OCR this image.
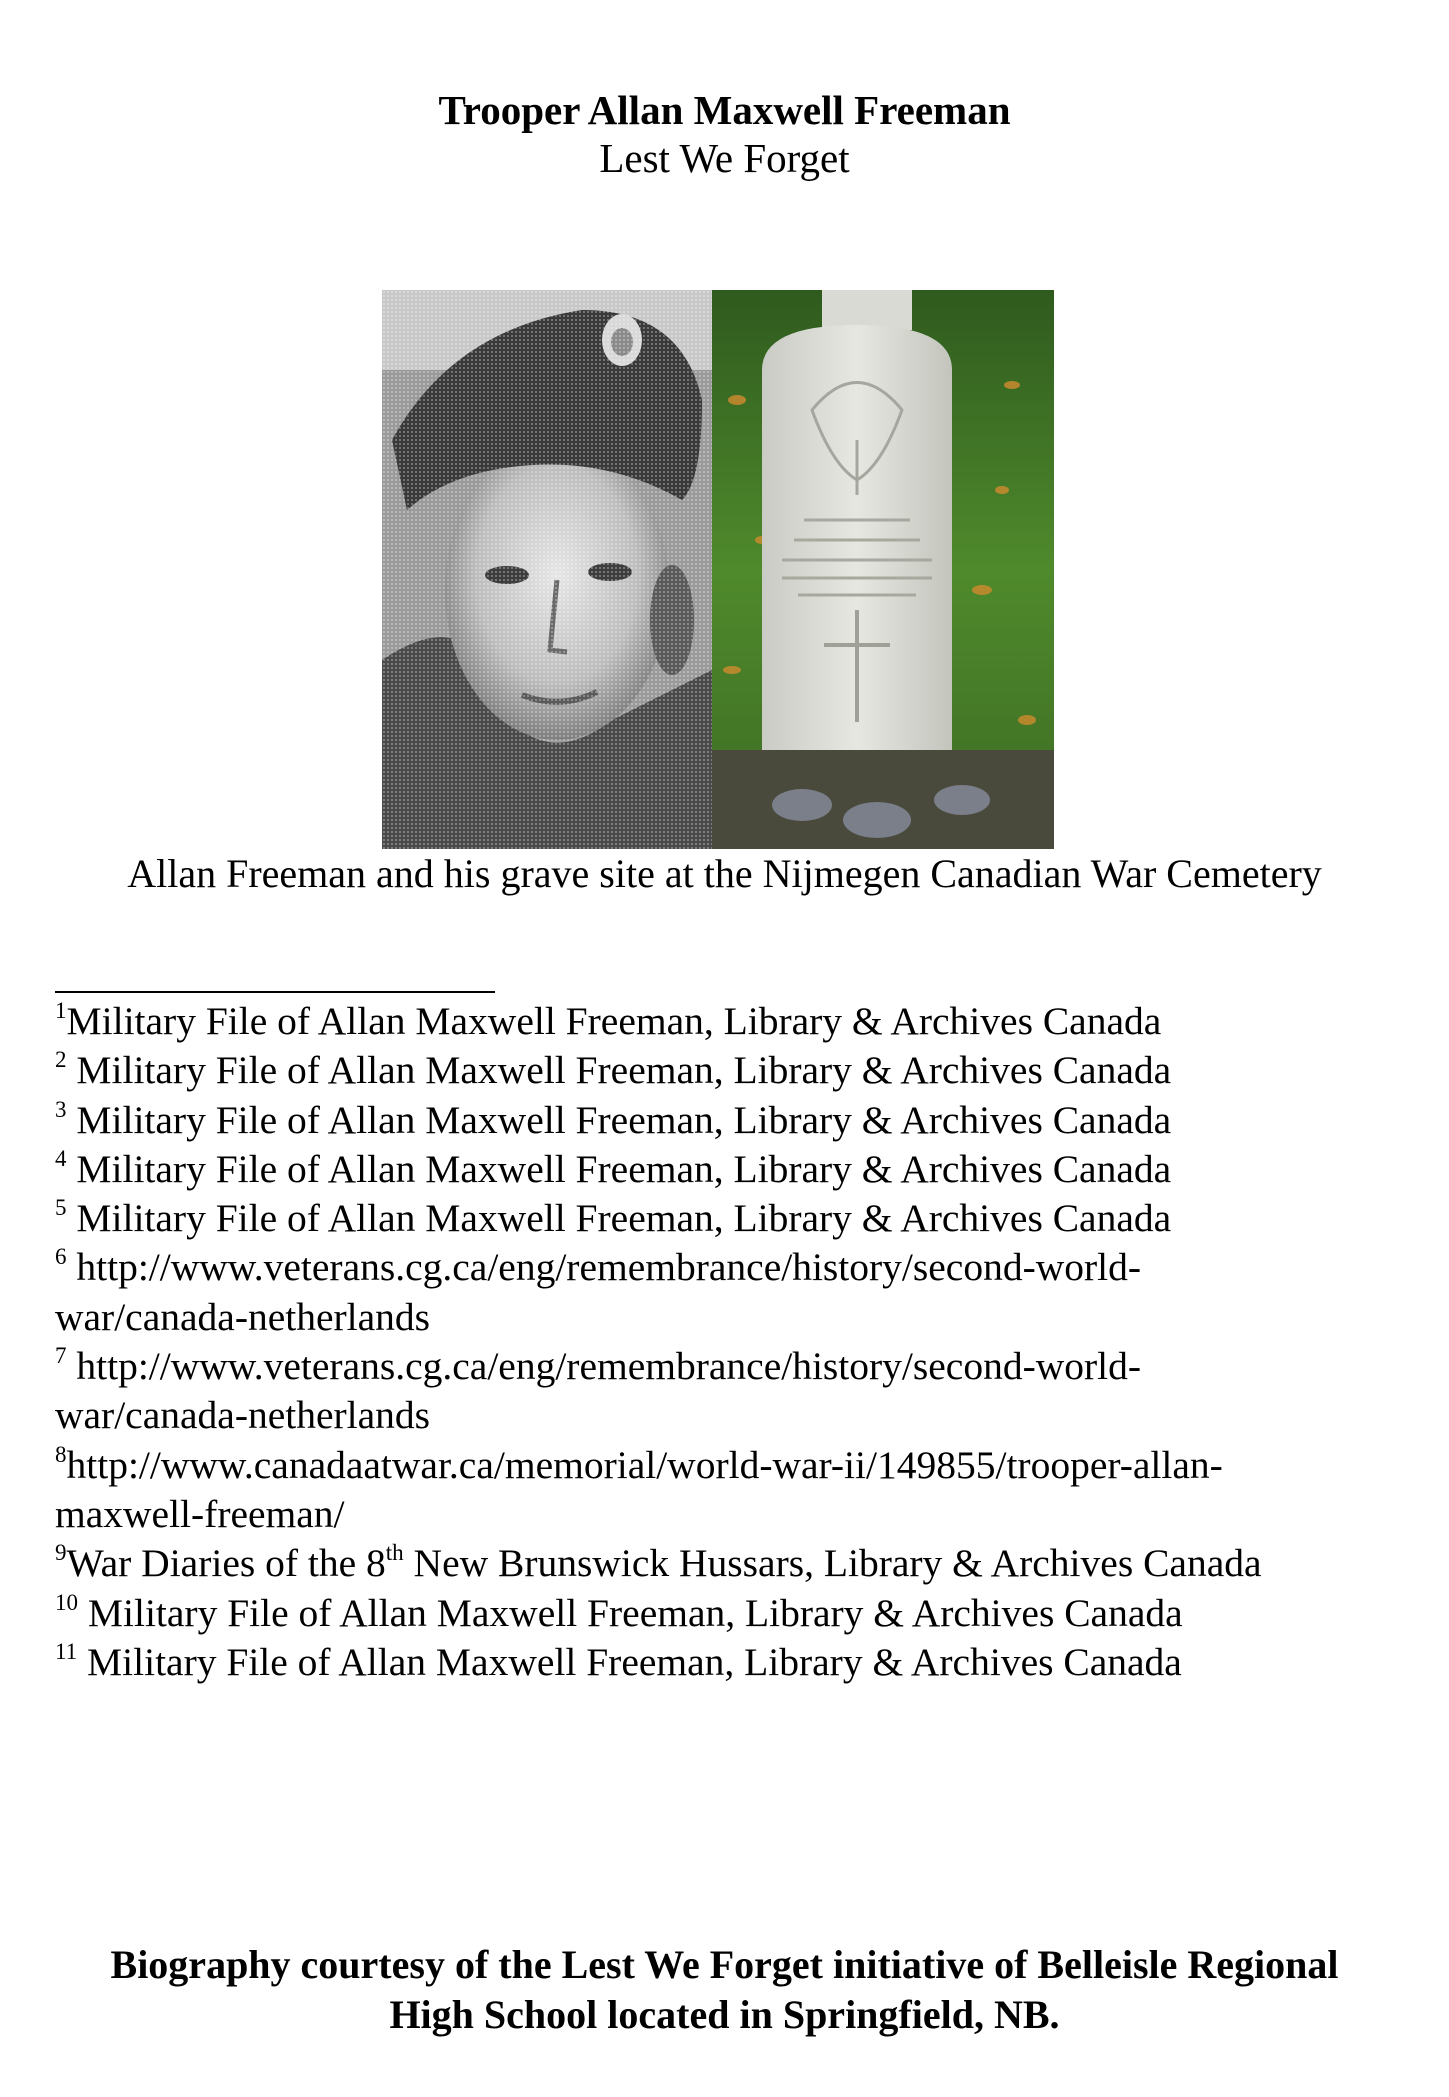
Trooper Allan Maxwell Freeman
Lest We Forget
Allan Freeman and his grave site at the Nijmegen Canadian War Cemetery

$^1$Military File of Allan Maxwell Freeman, Library & Archives Canada

$^2$ Military File of Allan Maxwell Freeman, Library & Archives Canada

$^3$ Military File of Allan Maxwell Freeman, Library & Archives Canada

$^4$ Military File of Allan Maxwell Freeman, Library & Archives Canada

$^5$ Military File of Allan Maxwell Freeman, Library & Archives Canada

$^6$ http://www.veterans.cg.ca/eng/remembrance/history/second-world-

war/canada-netherlands

$^7$ http://www.veterans.cg.ca/eng/remembrance/history/second-world-

war/canada-netherlands

$^8$http://www.canadaatwar.ca/memorial/world-war-ii/149855/trooper-allan-

maxwell-freeman/

$^9$War Diaries of the 8th New Brunswick Hussars, Library & Archives Canada

$^{10}$ Military File of Allan Maxwell Freeman, Library & Archives Canada

$^{11}$ Military File of Allan Maxwell Freeman, Library & Archives Canada

Biography courtesy of the Lest We Forget initiative of Belleisle Regional
High School located in Springfield, NB.
